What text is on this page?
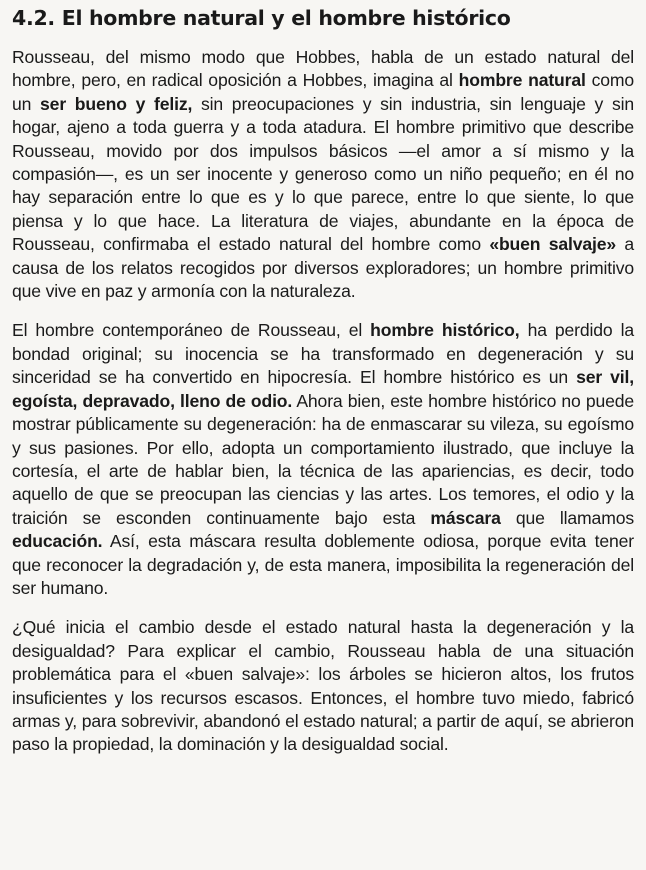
4.2. El hombre natural y el hombre histórico

Rousseau, del mismo modo que Hobbes, habla de un estado natural del hombre, pero, en radical oposición a Hobbes, imagina al hombre natural como un ser bueno y feliz, sin preocupaciones y sin industria, sin lenguaje y sin hogar, ajeno a toda guerra y a toda atadura. El hombre primitivo que describe Rousseau, movido por dos impulsos básicos —el amor a sí mismo y la compasión—, es un ser inocente y generoso como un niño pequeño; en él no hay separación entre lo que es y lo que parece, entre lo que siente, lo que piensa y lo que hace. La literatura de viajes, abundante en la época de Rousseau, confirmaba el estado natural del hombre como «buen salvaje» a causa de los relatos recogidos por diversos exploradores; un hombre primitivo que vive en paz y armonía con la naturaleza.

El hombre contemporáneo de Rousseau, el hombre histórico, ha perdido la bondad original; su inocencia se ha transformado en degeneración y su sinceridad se ha convertido en hipocresía. El hombre histórico es un ser vil, egoísta, depravado, lleno de odio. Ahora bien, este hombre histórico no puede mostrar públicamente su degeneración: ha de enmascarar su vileza, su egoísmo y sus pasiones. Por ello, adopta un comportamiento ilustrado, que incluye la cortesía, el arte de hablar bien, la técnica de las apariencias, es decir, todo aquello de que se preocupan las ciencias y las artes. Los temores, el odio y la traición se esconden continuamente bajo esta máscara que llamamos educación. Así, esta máscara resulta doblemente odiosa, porque evita tener que reconocer la degradación y, de esta manera, imposibilita la regeneración del ser humano.

¿Qué inicia el cambio desde el estado natural hasta la degeneración y la desigualdad? Para explicar el cambio, Rousseau habla de una situación problemática para el «buen salvaje»: los árboles se hicieron altos, los frutos insuficientes y los recursos escasos. Entonces, el hombre tuvo miedo, fabricó armas y, para sobrevivir, abandonó el estado natural; a partir de aquí, se abrieron paso la propiedad, la dominación y la desigualdad social.
